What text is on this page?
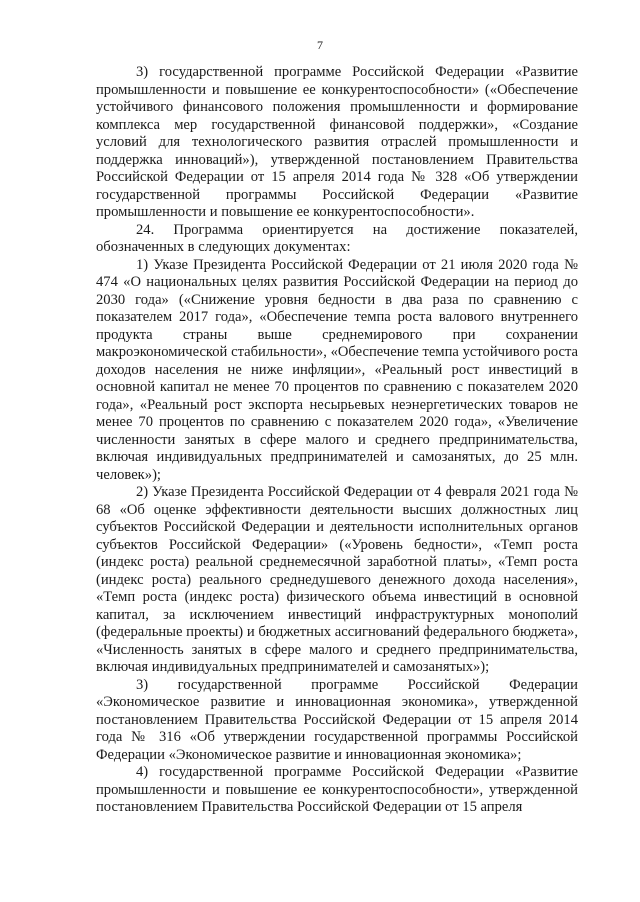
7

3) государственной программе Российской Федерации «Развитие промышленности и повышение ее конкурентоспособности» («Обеспечение устойчивого финансового положения промышленности и формирование комплекса мер государственной финансовой поддержки», «Создание условий для технологического развития отраслей промышленности и поддержка инноваций»), утвержденной постановлением Правительства Российской Федерации от 15 апреля 2014 года № 328 «Об утверждении государственной программы Российской Федерации «Развитие промышленности и повышение ее конкурентоспособности».

24. Программа ориентируется на достижение показателей, обозначенных в следующих документах:

1) Указе Президента Российской Федерации от 21 июля 2020 года № 474 «О национальных целях развития Российской Федерации на период до 2030 года» («Снижение уровня бедности в два раза по сравнению с показателем 2017 года», «Обеспечение темпа роста валового внутреннего продукта страны выше среднемирового при сохранении макроэкономической стабильности», «Обеспечение темпа устойчивого роста доходов населения не ниже инфляции», «Реальный рост инвестиций в основной капитал не менее 70 процентов по сравнению с показателем 2020 года», «Реальный рост экспорта несырьевых неэнергетических товаров не менее 70 процентов по сравнению с показателем 2020 года», «Увеличение численности занятых в сфере малого и среднего предпринимательства, включая индивидуальных предпринимателей и самозанятых, до 25 млн. человек»);

2) Указе Президента Российской Федерации от 4 февраля 2021 года № 68 «Об оценке эффективности деятельности высших должностных лиц субъектов Российской Федерации и деятельности исполнительных органов субъектов Российской Федерации» («Уровень бедности», «Темп роста (индекс роста) реальной среднемесячной заработной платы», «Темп роста (индекс роста) реального среднедушевого денежного дохода населения», «Темп роста (индекс роста) физического объема инвестиций в основной капитал, за исключением инвестиций инфраструктурных монополий (федеральные проекты) и бюджетных ассигнований федерального бюджета», «Численность занятых в сфере малого и среднего предпринимательства, включая индивидуальных предпринимателей и самозанятых»);

3) государственной программе Российской Федерации «Экономическое развитие и инновационная экономика», утвержденной постановлением Правительства Российской Федерации от 15 апреля 2014 года № 316 «Об утверждении государственной программы Российской Федерации «Экономическое развитие и инновационная экономика»;

4) государственной программе Российской Федерации «Развитие промышленности и повышение ее конкурентоспособности», утвержденной постановлением Правительства Российской Федерации от 15 апреля
